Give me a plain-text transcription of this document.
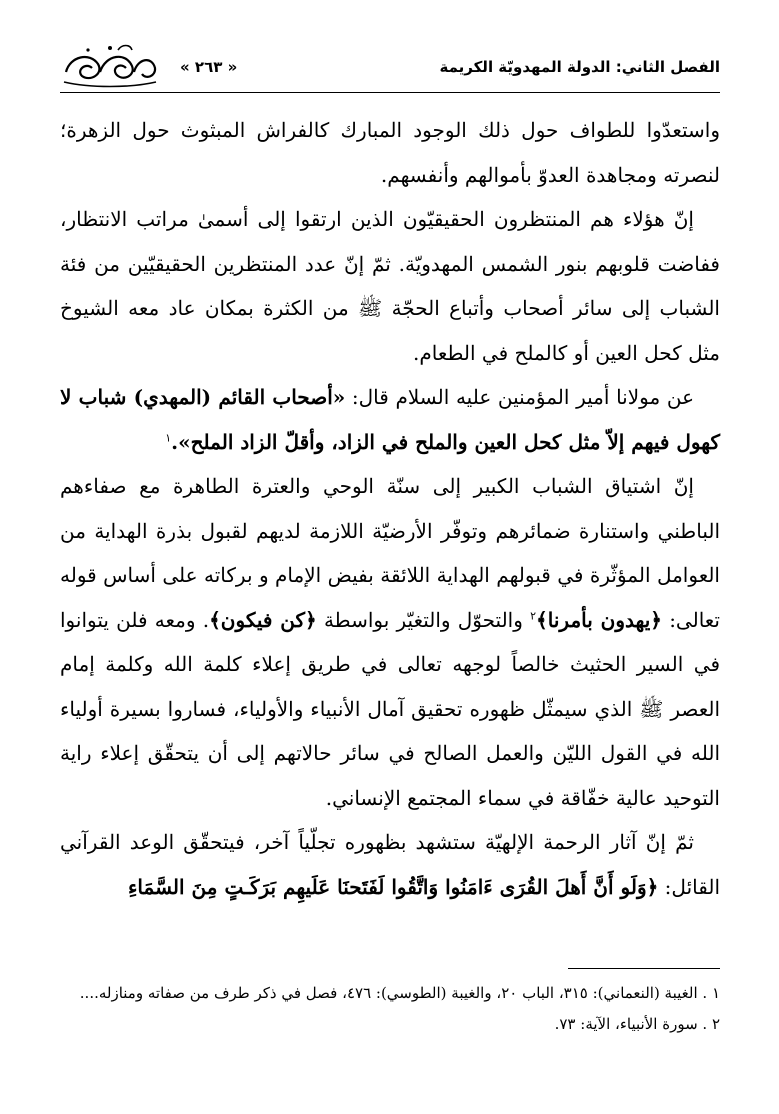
الفصل الثاني: الدولة المهدويّة الكريمة
« ٢٦٣ »

واستعدّوا للطواف حول ذلك الوجود المبارك كالفراش المبثوث حول الزهرة؛ لنصرته ومجاهدة العدوّ بأموالهم وأنفسهم.

إنّ هؤلاء هم المنتظرون الحقيقيّون الذين ارتقوا إلى أسمىٰ مراتب الانتظار، ففاضت قلوبهم بنور الشمس المهدويّة. ثمّ إنّ عدد المنتظرين الحقيقيّين من فئة الشباب إلى سائر أصحاب وأتباع الحجّة ﷺ من الكثرة بمكان عاد معه الشيوخ مثل كحل العين أو كالملح في الطعام.

عن مولانا أمير المؤمنين عليه السلام قال: «أصحاب القائم (المهدي) شباب لا كهول فيهم إلاّ مثل كحل العين والملح في الزاد، وأقلّ الزاد الملح».$^١$

إنّ اشتياق الشباب الكبير إلى سنّة الوحي والعترة الطاهرة مع صفاءهم الباطني واستنارة ضمائرهم وتوفّر الأرضيّة اللازمة لديهم لقبول بذرة الهداية من العوامل المؤثّرة في قبولهم الهداية اللائقة بفيض الإمام و بركاته على أساس قوله تعالى: ﴿يهدون بأمرنا﴾$^٢$ والتحوّل والتغيّر بواسطة ﴿كن فيكون﴾. ومعه فلن يتوانوا في السير الحثيث خالصاً لوجهه تعالى في طريق إعلاء كلمة الله وكلمة إمام العصر ﷺ الذي سيمثّل ظهوره تحقيق آمال الأنبياء والأولياء، فساروا بسيرة أولياء الله في القول الليّن والعمل الصالح في سائر حالاتهم إلى أن يتحقّق إعلاء راية التوحيد عالية خفّاقة في سماء المجتمع الإنساني.

ثمّ إنّ آثار الرحمة الإلهيّة ستشهد بظهوره تجلّياً آخر، فيتحقّق الوعد القرآني القائل: ﴿وَلَو أَنَّ أَهلَ القُرَى ءَامَنُوا وَاتَّقُوا لَفَتَحنَا عَلَيهِم بَرَكَـتٍ مِنَ السَّمَاءِ

١ . الغيبة (النعماني): ٣١٥، الباب ٢٠، والغيبة (الطوسي): ٤٧٦، فصل في ذكر طرف من صفاته ومنازله....

٢ . سورة الأنبياء، الآية: ٧٣.
